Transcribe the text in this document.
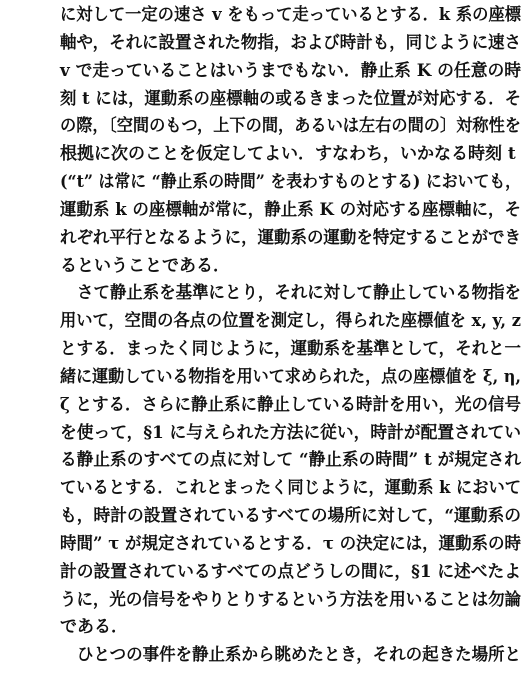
に対して一定の速さ v をもって走っているとする．k 系の座標
軸や，それに設置された物指，および時計も，同じように速さ
v で走っていることはいうまでもない．静止系 K の任意の時
刻 t には，運動系の座標軸の或るきまった位置が対応する．そ
の際，〔空間のもつ，上下の間，あるいは左右の間の〕対称性を
根拠に次のことを仮定してよい．すなわち，いかなる時刻 t
(“t” は常に “静止系の時間” を表わすものとする) においても，
運動系 k の座標軸が常に，静止系 K の対応する座標軸に，そ
れぞれ平行となるように，運動系の運動を特定することができ
るということである．
さて静止系を基準にとり，それに対して静止している物指を
用いて，空間の各点の位置を測定し，得られた座標値を x, y, z
とする．まったく同じように，運動系を基準として，それと一
緒に運動している物指を用いて求められた，点の座標値を ξ, η,
ζ とする．さらに静止系に静止している時計を用い，光の信号
を使って，§1 に与えられた方法に従い，時計が配置されてい
る静止系のすべての点に対して “静止系の時間” t が規定され
ているとする．これとまったく同じように，運動系 k において
も，時計の設置されているすべての場所に対して，“運動系の
時間” τ が規定されているとする．τ の決定には，運動系の時
計の設置されているすべての点どうしの間に，§1 に述べたよ
うに，光の信号をやりとりするという方法を用いることは勿論
である．
ひとつの事件を静止系から眺めたとき，それの起きた場所と
